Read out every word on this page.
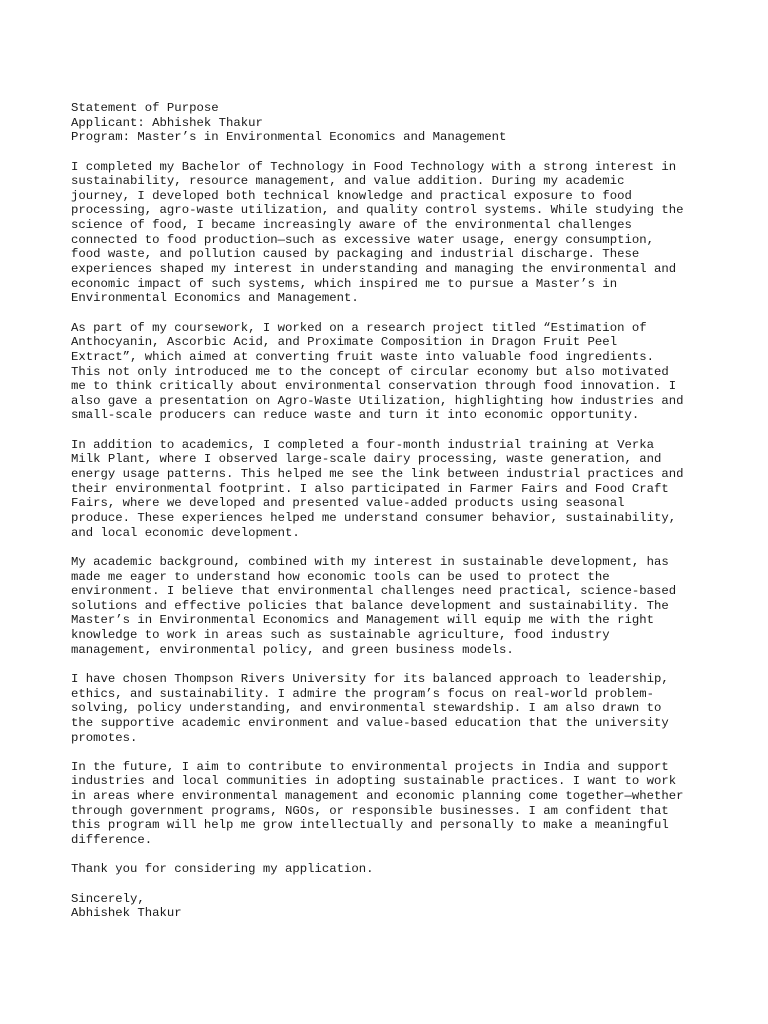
Statement of Purpose
Applicant: Abhishek Thakur
Program: Master’s in Environmental Economics and Management
I completed my Bachelor of Technology in Food Technology with a strong interest in
sustainability, resource management, and value addition. During my academic
journey, I developed both technical knowledge and practical exposure to food
processing, agro-waste utilization, and quality control systems. While studying the
science of food, I became increasingly aware of the environmental challenges
connected to food production—such as excessive water usage, energy consumption,
food waste, and pollution caused by packaging and industrial discharge. These
experiences shaped my interest in understanding and managing the environmental and
economic impact of such systems, which inspired me to pursue a Master’s in
Environmental Economics and Management.
As part of my coursework, I worked on a research project titled “Estimation of
Anthocyanin, Ascorbic Acid, and Proximate Composition in Dragon Fruit Peel
Extract”, which aimed at converting fruit waste into valuable food ingredients.
This not only introduced me to the concept of circular economy but also motivated
me to think critically about environmental conservation through food innovation. I
also gave a presentation on Agro-Waste Utilization, highlighting how industries and
small-scale producers can reduce waste and turn it into economic opportunity.
In addition to academics, I completed a four-month industrial training at Verka
Milk Plant, where I observed large-scale dairy processing, waste generation, and
energy usage patterns. This helped me see the link between industrial practices and
their environmental footprint. I also participated in Farmer Fairs and Food Craft
Fairs, where we developed and presented value-added products using seasonal
produce. These experiences helped me understand consumer behavior, sustainability,
and local economic development.
My academic background, combined with my interest in sustainable development, has
made me eager to understand how economic tools can be used to protect the
environment. I believe that environmental challenges need practical, science-based
solutions and effective policies that balance development and sustainability. The
Master’s in Environmental Economics and Management will equip me with the right
knowledge to work in areas such as sustainable agriculture, food industry
management, environmental policy, and green business models.
I have chosen Thompson Rivers University for its balanced approach to leadership,
ethics, and sustainability. I admire the program’s focus on real-world problem-
solving, policy understanding, and environmental stewardship. I am also drawn to
the supportive academic environment and value-based education that the university
promotes.
In the future, I aim to contribute to environmental projects in India and support
industries and local communities in adopting sustainable practices. I want to work
in areas where environmental management and economic planning come together—whether
through government programs, NGOs, or responsible businesses. I am confident that
this program will help me grow intellectually and personally to make a meaningful
difference.
Thank you for considering my application.
Sincerely,
Abhishek Thakur
